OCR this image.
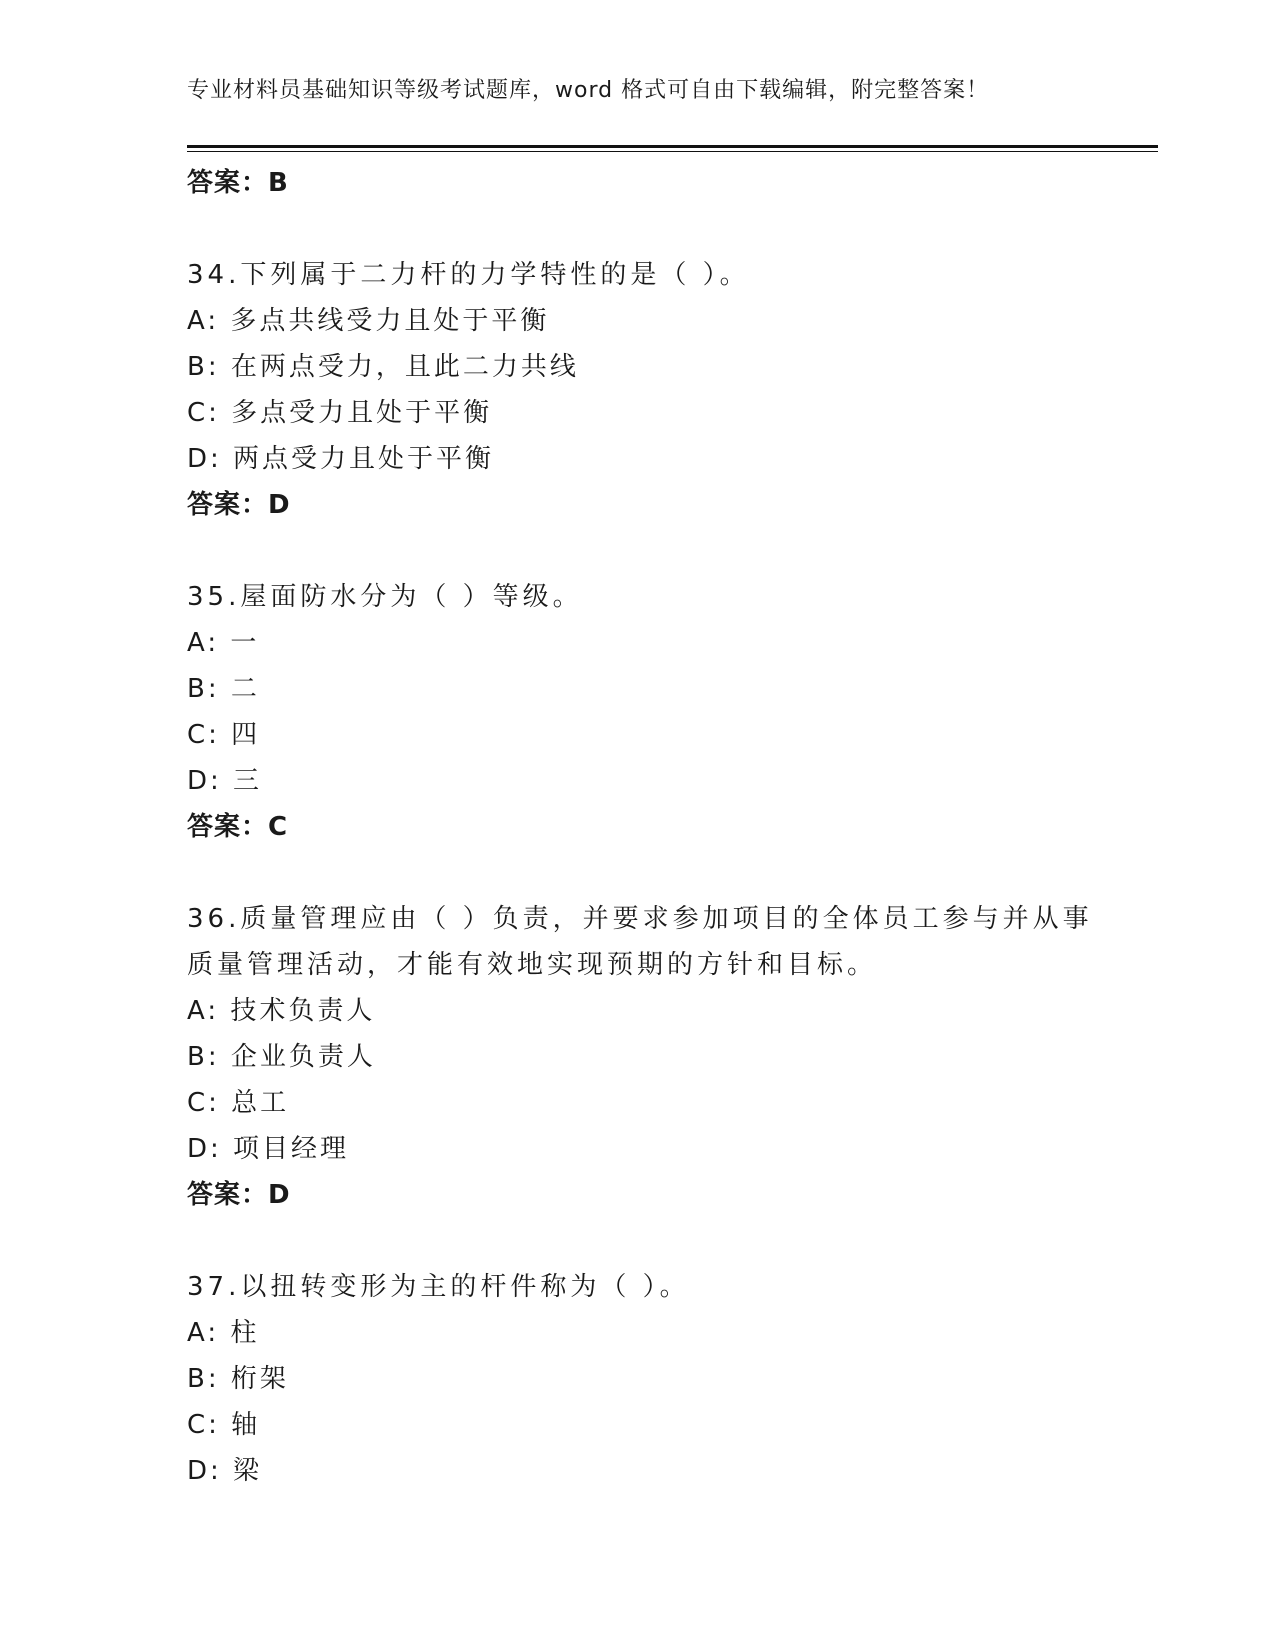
专业材料员基础知识等级考试题库，word 格式可自由下载编辑，附完整答案！
答案：B
34.下列属于二力杆的力学特性的是（ ）。
A: 多点共线受力且处于平衡
B: 在两点受力，且此二力共线
C: 多点受力且处于平衡
D: 两点受力且处于平衡
答案：D
35.屋面防水分为（ ）等级。
A: 一
B: 二
C: 四
D: 三
答案：C
36.质量管理应由（ ）负责，并要求参加项目的全体员工参与并从事
质量管理活动，才能有效地实现预期的方针和目标。
A: 技术负责人
B: 企业负责人
C: 总工
D: 项目经理
答案：D
37.以扭转变形为主的杆件称为（ ）。
A: 柱
B: 桁架
C: 轴
D: 梁
